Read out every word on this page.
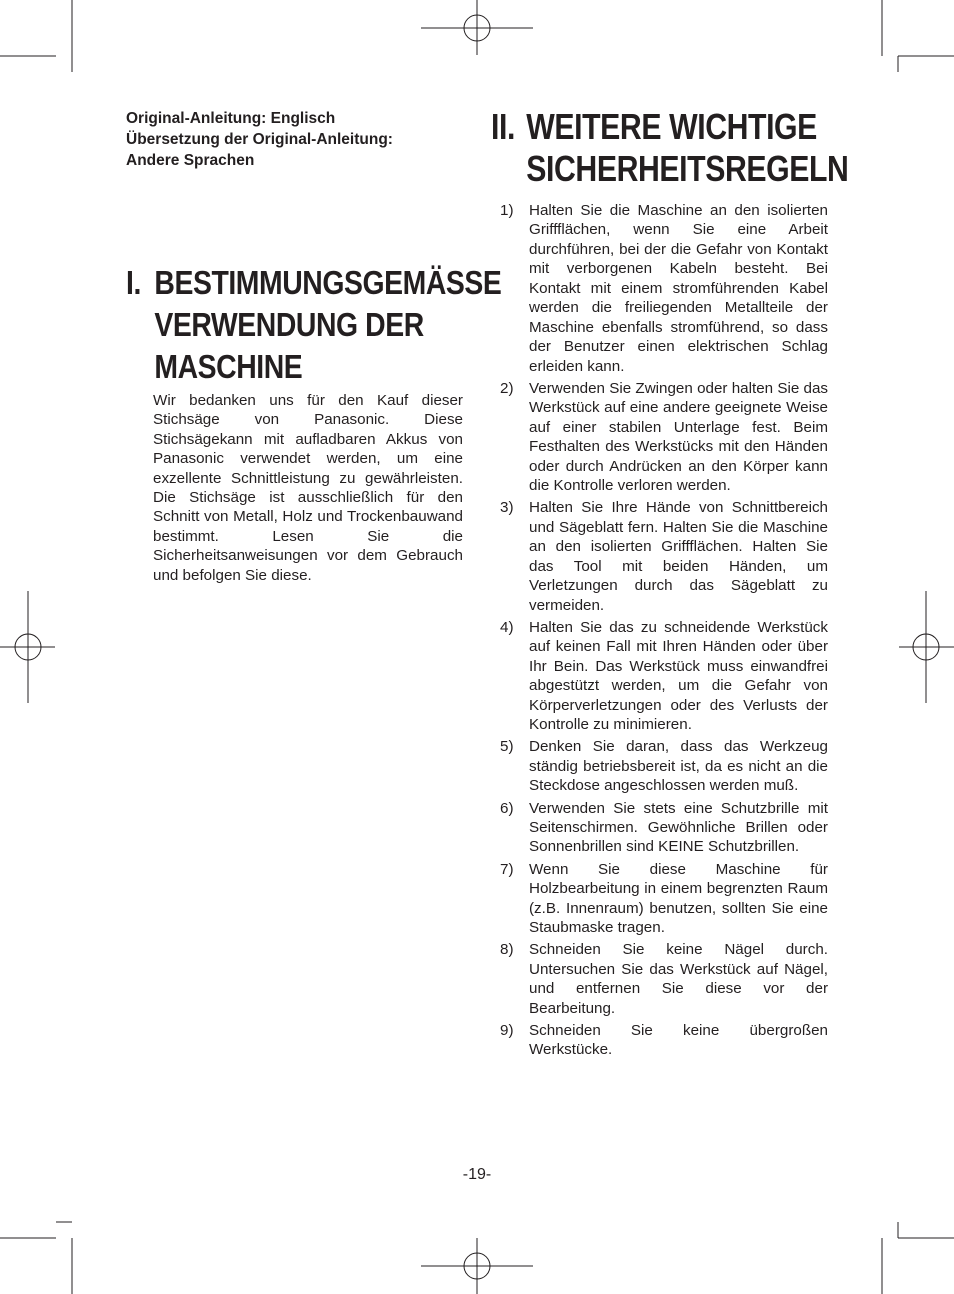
Original-Anleitung: Englisch
Übersetzung der Original-Anleitung:
Andere Sprachen
I. BESTIMMUNGSGEMÄSSE
VERWENDUNG DER
MASCHINE
Wir bedanken uns für den Kauf dieser Stichsäge von Panasonic. Diese Stichsägekann mit aufladbaren Akkus von Panasonic verwendet werden, um eine exzellente Schnittleistung zu gewährleisten. Die Stichsäge ist ausschließlich für den Schnitt von Metall, Holz und Trockenbauwand bestimmt. Lesen Sie die Sicherheitsanweisungen vor dem Gebrauch und befolgen Sie diese.
II. WEITERE WICHTIGE
SICHERHEITSREGELN
1) Halten Sie die Maschine an den isolierten Griffflächen, wenn Sie eine Arbeit durchführen, bei der die Gefahr von Kontakt mit verborgenen Kabeln besteht. Bei Kontakt mit einem stromführenden Kabel werden die freiliegenden Metallteile der Maschine ebenfalls stromführend, so dass der Benutzer einen elektrischen Schlag erleiden kann.
2) Verwenden Sie Zwingen oder halten Sie das Werkstück auf eine andere geeignete Weise auf einer stabilen Unterlage fest. Beim Festhalten des Werkstücks mit den Händen oder durch Andrücken an den Körper kann die Kontrolle verloren werden.
3) Halten Sie Ihre Hände von Schnittbereich und Sägeblatt fern. Halten Sie die Maschine an den isolierten Griffflächen. Halten Sie das Tool mit beiden Händen, um Verletzungen durch das Sägeblatt zu vermeiden.
4) Halten Sie das zu schneidende Werkstück auf keinen Fall mit Ihren Händen oder über Ihr Bein. Das Werkstück muss einwandfrei abgestützt werden, um die Gefahr von Körperverletzungen oder des Verlusts der Kontrolle zu minimieren.
5) Denken Sie daran, dass das Werkzeug ständig betriebsbereit ist, da es nicht an die Steckdose angeschlossen werden muß.
6) Verwenden Sie stets eine Schutzbrille mit Seitenschirmen. Gewöhnliche Brillen oder Sonnenbrillen sind KEINE Schutzbrillen.
7) Wenn Sie diese Maschine für Holzbearbeitung in einem begrenzten Raum (z.B. Innenraum) benutzen, sollten Sie eine Staubmaske tragen.
8) Schneiden Sie keine Nägel durch. Untersuchen Sie das Werkstück auf Nägel, und entfernen Sie diese vor der Bearbeitung.
9) Schneiden Sie keine übergroßen Werkstücke.
-19-
